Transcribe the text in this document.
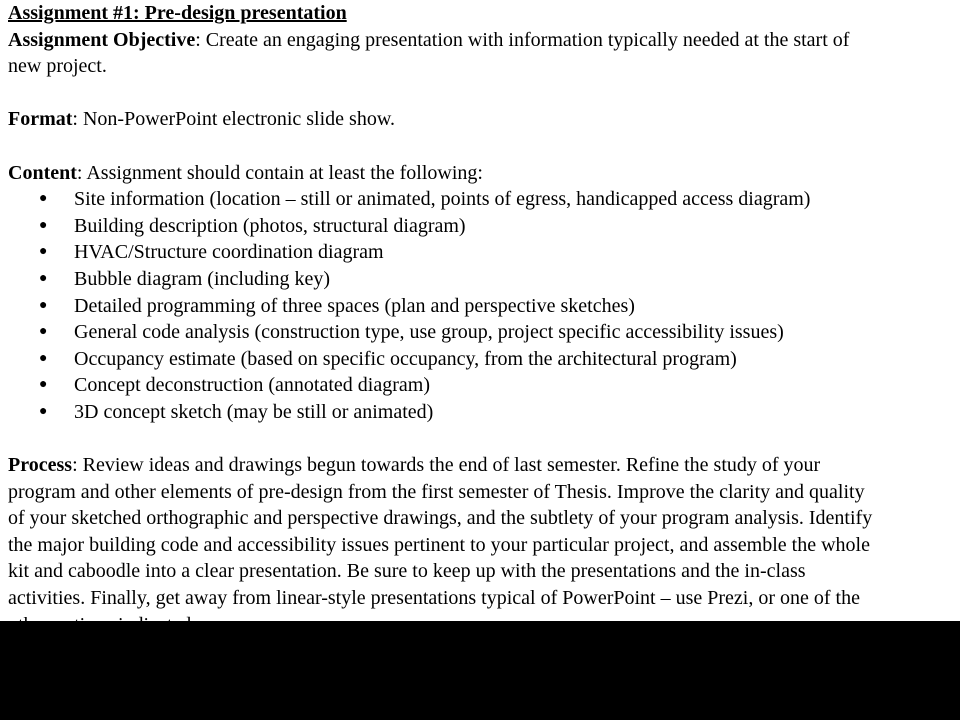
Assignment #1: Pre-design presentation

Assignment Objective: Create an engaging presentation with information typically needed at the start of

new project.

Format: Non-PowerPoint electronic slide show.

Content: Assignment should contain at least the following:

● Site information (location – still or animated, points of egress, handicapped access diagram)
● Building description (photos, structural diagram)
● HVAC/Structure coordination diagram
● Bubble diagram (including key)
● Detailed programming of three spaces (plan and perspective sketches)
● General code analysis (construction type, use group, project specific accessibility issues)
● Occupancy estimate (based on specific occupancy, from the architectural program)
● Concept deconstruction (annotated diagram)
● 3D concept sketch (may be still or animated)

Process: Review ideas and drawings begun towards the end of last semester. Refine the study of your

program and other elements of pre-design from the first semester of Thesis. Improve the clarity and quality

of your sketched orthographic and perspective drawings, and the subtlety of your program analysis. Identify

the major building code and accessibility issues pertinent to your particular project, and assemble the whole

kit and caboodle into a clear presentation. Be sure to keep up with the presentations and the in-class

activities. Finally, get away from linear-style presentations typical of PowerPoint – use Prezi, or one of the
